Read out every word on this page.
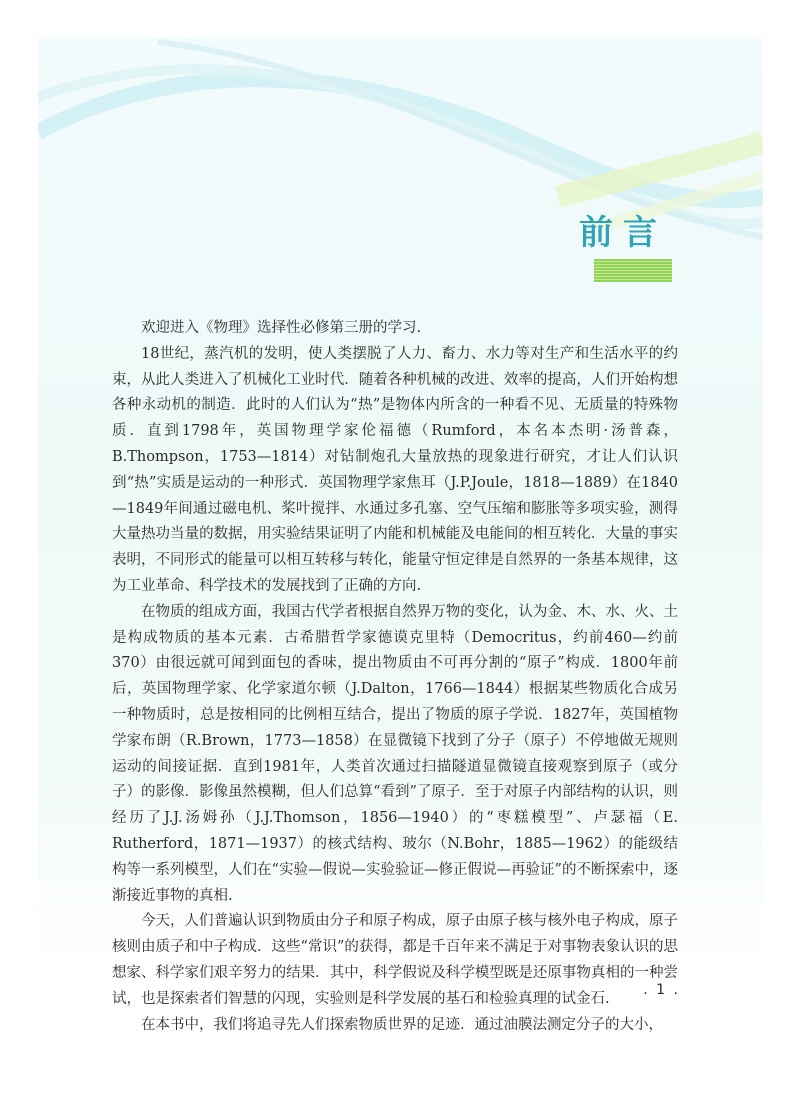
前言

欢迎进入《物理》选择性必修第三册的学习.

18世纪，蒸汽机的发明，使人类摆脱了人力、畜力、水力等对生产和生活水平的约束，从此人类进入了机械化工业时代．随着各种机械的改进、效率的提高，人们开始构想各种永动机的制造．此时的人们认为“热”是物体内所含的一种看不见、无质量的特殊物质．直到1798年，英国物理学家伦福德（Rumford，本名本杰明·汤普森，B.Thompson，1753—1814）对钻制炮孔大量放热的现象进行研究，才让人们认识到“热”实质是运动的一种形式．英国物理学家焦耳（J.P.Joule，1818—1889）在1840—1849年间通过磁电机、桨叶搅拌、水通过多孔塞、空气压缩和膨胀等多项实验，测得大量热功当量的数据，用实验结果证明了内能和机械能及电能间的相互转化．大量的事实表明，不同形式的能量可以相互转移与转化，能量守恒定律是自然界的一条基本规律，这为工业革命、科学技术的发展找到了正确的方向.

在物质的组成方面，我国古代学者根据自然界万物的变化，认为金、木、水、火、土是构成物质的基本元素．古希腊哲学家德谟克里特（Democritus，约前460—约前370）由很远就可闻到面包的香味，提出物质由不可再分割的“原子”构成．1800年前后，英国物理学家、化学家道尔顿（J.Dalton，1766—1844）根据某些物质化合成另一种物质时，总是按相同的比例相互结合，提出了物质的原子学说．1827年，英国植物学家布朗（R.Brown，1773—1858）在显微镜下找到了分子（原子）不停地做无规则运动的间接证据．直到1981年，人类首次通过扫描隧道显微镜直接观察到原子（或分子）的影像．影像虽然模糊，但人们总算“看到”了原子．至于对原子内部结构的认识，则经历了J.J.汤姆孙（J.J.Thomson，1856—1940）的“枣糕模型”、卢瑟福（E. Rutherford，1871—1937）的核式结构、玻尔（N.Bohr，1885—1962）的能级结构等一系列模型，人们在“实验—假说—实验验证—修正假说—再验证”的不断探索中，逐渐接近事物的真相.

今天，人们普遍认识到物质由分子和原子构成，原子由原子核与核外电子构成，原子核则由质子和中子构成．这些“常识”的获得，都是千百年来不满足于对事物表象认识的思想家、科学家们艰辛努力的结果．其中，科学假说及科学模型既是还原事物真相的一种尝试，也是探索者们智慧的闪现，实验则是科学发展的基石和检验真理的试金石.

在本书中，我们将追寻先人们探索物质世界的足迹．通过油膜法测定分子的大小，

. 1 .
